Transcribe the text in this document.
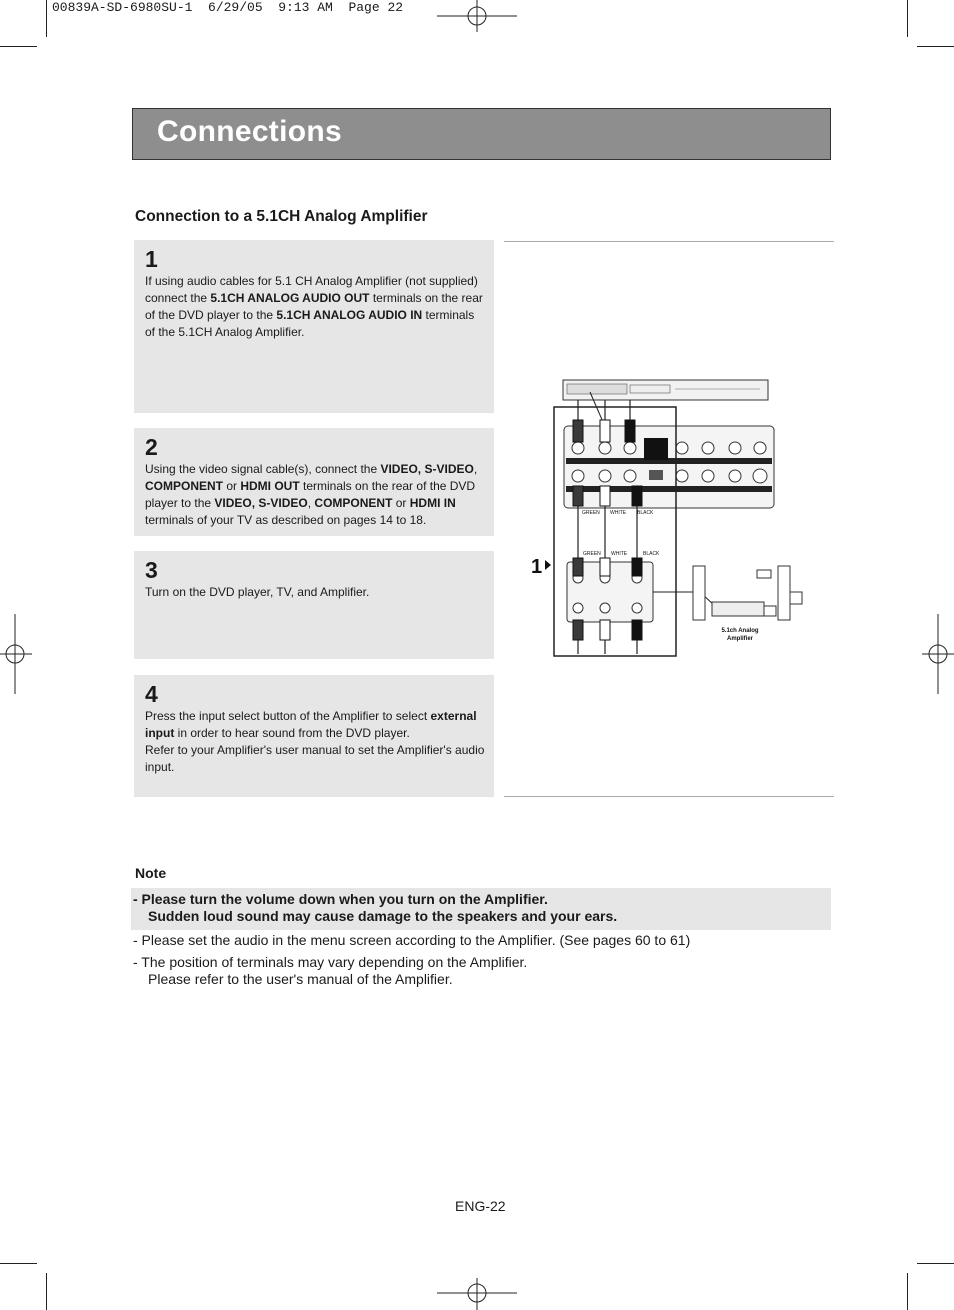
00839A-SD-6980SU-1  6/29/05  9:13 AM  Page 22
Connections
Connection to a 5.1CH Analog Amplifier
1
If using audio cables for 5.1 CH Analog Amplifier (not supplied) connect the 5.1CH ANALOG AUDIO OUT terminals on the rear of the DVD player to the 5.1CH ANALOG AUDIO IN terminals of the 5.1CH Analog Amplifier.
2
Using the video signal cable(s), connect the VIDEO, S-VIDEO, COMPONENT or HDMI OUT terminals on the rear of the DVD player to the VIDEO, S-VIDEO, COMPONENT or HDMI IN terminals of your TV as described on pages 14 to 18.
3
Turn on the DVD player, TV, and Amplifier.
4
Press the input select button of the Amplifier to select external input in order to hear sound from the DVD player.
Refer to your Amplifier's user manual to set the Amplifier's audio input.
1
GREEN WHITE BLACK
GREEN WHITE	BLACK
5.1ch Analog
Amplifier
Note
- Please turn the volume down when you turn on the Amplifier.
Sudden loud sound may cause damage to the speakers and your ears.
- Please set the audio in the menu screen according to the Amplifier. (See pages 60 to 61)
- The position of terminals may vary depending on the Amplifier.
Please refer to the user's manual of the Amplifier.
ENG-22
